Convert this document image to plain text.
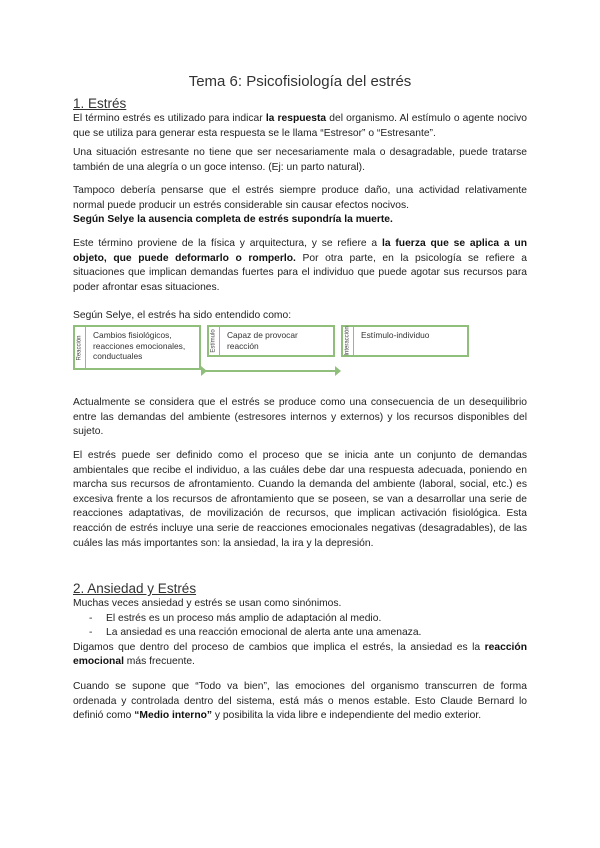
Tema 6: Psicofisiología del estrés
1. Estrés

El término estrés es utilizado para indicar la respuesta del organismo. Al estímulo o agente nocivo que se utiliza para generar esta respuesta se le llama “Estresor” o “Estresante”.

Una situación estresante no tiene que ser necesariamente mala o desagradable, puede tratarse también de una alegría o un goce intenso. (Ej: un parto natural).

Tampoco debería pensarse que el estrés siempre produce daño, una actividad relativamente normal puede producir un estrés considerable sin causar efectos nocivos.

Según Selye la ausencia completa de estrés supondría la muerte.

Este término proviene de la física y arquitectura, y se refiere a la fuerza que se aplica a un objeto, que puede deformarlo o romperlo. Por otra parte, en la psicología se refiere a situaciones que implican demandas fuertes para el individuo que puede agotar sus recursos para poder afrontar esas situaciones.

Según Selye, el estrés ha sido entendido como:

Reacción	Cambios fisiológicos, reacciones emocionales, conductuales
Estímulo	Capaz de provocar reacción	Interacción	Estímulo-individuo

Actualmente se considera que el estrés se produce como una consecuencia de un desequilibrio entre las demandas del ambiente (estresores internos y externos) y los recursos disponibles del sujeto.

El estrés puede ser definido como el proceso que se inicia ante un conjunto de demandas ambientales que recibe el individuo, a las cuáles debe dar una respuesta adecuada, poniendo en marcha sus recursos de afrontamiento. Cuando la demanda del ambiente (laboral, social, etc.) es excesiva frente a los recursos de afrontamiento que se poseen, se van a desarrollar una serie de reacciones adaptativas, de movilización de recursos, que implican activación fisiológica. Esta reacción de estrés incluye una serie de reacciones emocionales negativas (desagradables), de las cuáles las más importantes son: la ansiedad, la ira y la depresión.

2. Ansiedad y Estrés

Muchas veces ansiedad y estrés se usan como sinónimos.

- El estrés es un proceso más amplio de adaptación al medio.
- La ansiedad es una reacción emocional de alerta ante una amenaza.

Digamos que dentro del proceso de cambios que implica el estrés, la ansiedad es la reacción emocional más frecuente.

Cuando se supone que “Todo va bien”, las emociones del organismo transcurren de forma ordenada y controlada dentro del sistema, está más o menos estable. Esto Claude Bernard lo definió como “Medio interno” y posibilita la vida libre e independiente del medio exterior.
